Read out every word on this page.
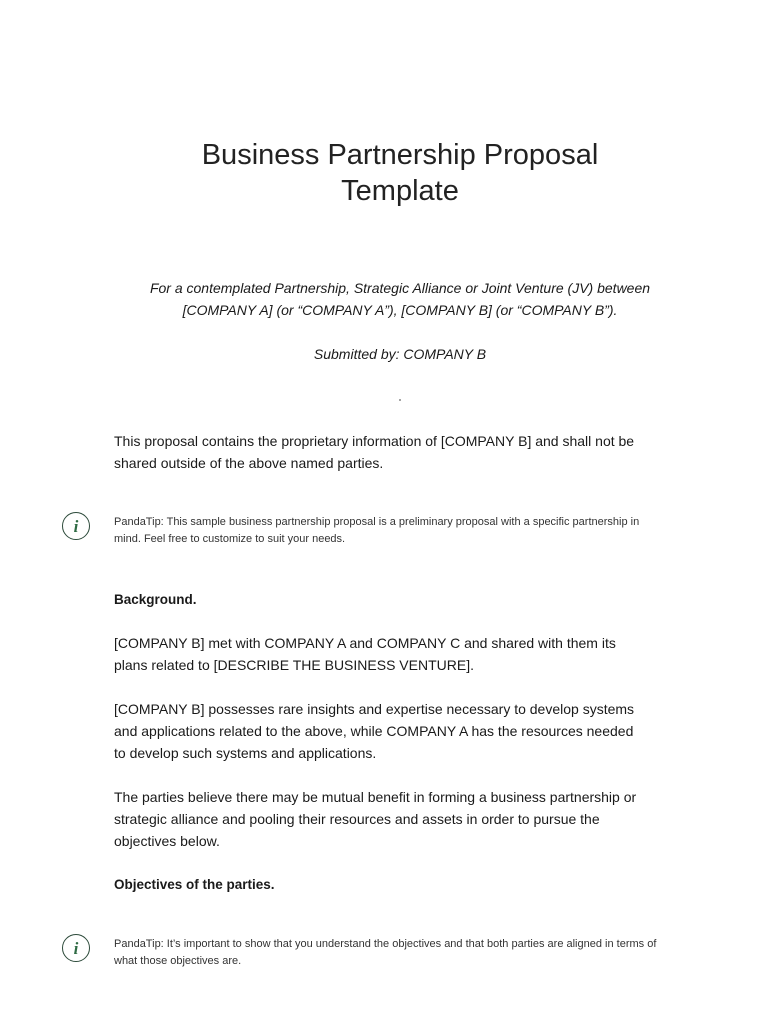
Business Partnership Proposal
Template
For a contemplated Partnership, Strategic Alliance or Joint Venture (JV) between
[COMPANY A] (or “COMPANY A”), [COMPANY B] (or “COMPANY B”).
Submitted by: COMPANY B
This proposal contains the proprietary information of [COMPANY B] and shall not be
shared outside of the above named parties.
i	PandaTip: This sample business partnership proposal is a preliminary proposal with a specific partnership in
mind. Feel free to customize to suit your needs.
Background.
[COMPANY B] met with COMPANY A and COMPANY C and shared with them its
plans related to [DESCRIBE THE BUSINESS VENTURE].
[COMPANY B] possesses rare insights and expertise necessary to develop systems
and applications related to the above, while COMPANY A has the resources needed
to develop such systems and applications.
The parties believe there may be mutual benefit in forming a business partnership or
strategic alliance and pooling their resources and assets in order to pursue the
objectives below.
Objectives of the parties.
i	PandaTip: It’s important to show that you understand the objectives and that both parties are aligned in terms of
what those objectives are.
